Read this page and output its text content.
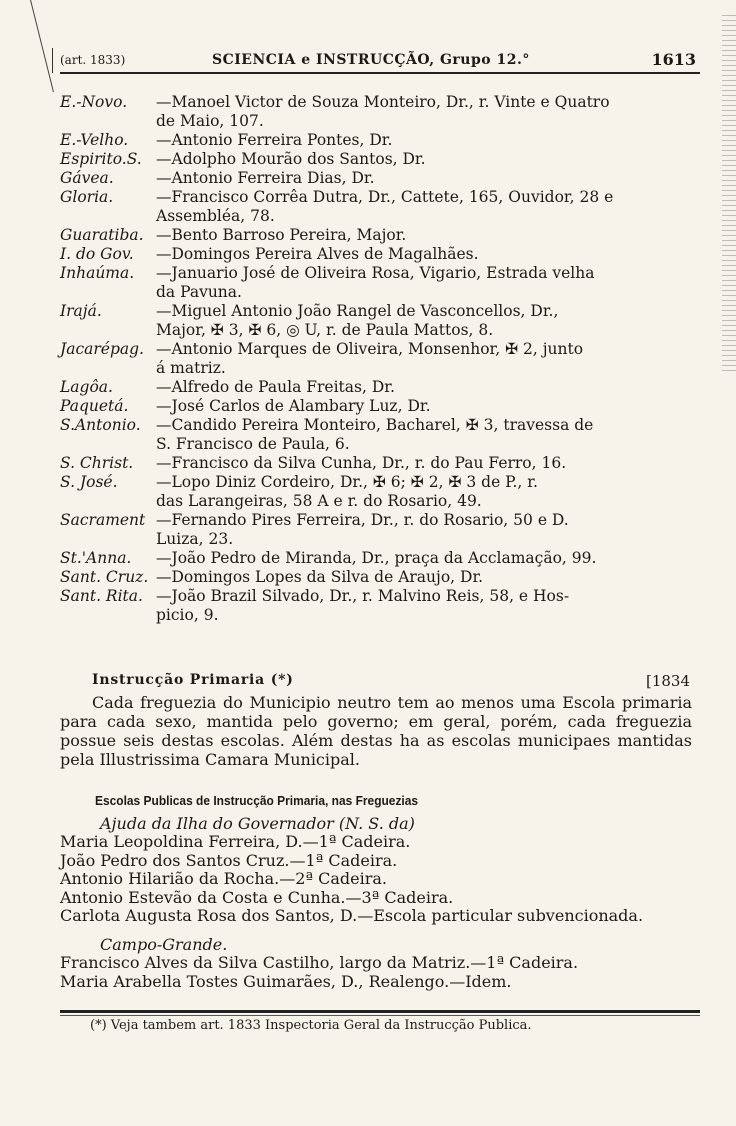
(art. 1833)	SCIENCIA e INSTRUCÇÃO, Grupo 12.°	1613
E.-Novo.	—Manoel Victor de Souza Monteiro, Dr., r. Vinte e Quatro
de Maio, 107.
E.-Velho.	—Antonio Ferreira Pontes, Dr.
Espirito.S. —Adolpho Mourão dos Santos, Dr.
Gávea.	—Antonio Ferreira Dias, Dr.
Gloria.	—Francisco Corrêa Dutra, Dr., Cattete, 165, Ouvidor, 28 e
Assembléa, 78.
Guaratiba. —Bento Barroso Pereira, Major.
I. do Gov.	—Domingos Pereira Alves de Magalhães.
Inhaúma.	—Januario José de Oliveira Rosa, Vigario, Estrada velha
da Pavuna.
Irajá.	—Miguel Antonio João Rangel de Vasconcellos, Dr.,
Major, ✠ 3, ✠ 6, ◎ U, r. de Paula Mattos, 8.
Jacarépag. —Antonio Marques de Oliveira, Monsenhor, ✠ 2, junto
á matriz.
Lagôa.	—Alfredo de Paula Freitas, Dr.
Paquetá.	—José Carlos de Alambary Luz, Dr.
S.Antonio. —Candido Pereira Monteiro, Bacharel, ✠ 3, travessa de
S. Francisco de Paula, 6.
S. Christ.	—Francisco da Silva Cunha, Dr., r. do Pau Ferro, 16.
S. José.	—Lopo Diniz Cordeiro, Dr., ✠ 6; ✠ 2, ✠ 3 de P., r.
das Larangeiras, 58 A e r. do Rosario, 49.
Sacrament —Fernando Pires Ferreira, Dr., r. do Rosario, 50 e D.
Luiza, 23.
St.'Anna.	—João Pedro de Miranda, Dr., praça da Acclamação, 99.
Sant. Cruz. —Domingos Lopes da Silva de Araujo, Dr.
Sant. Rita. —João Brazil Silvado, Dr., r. Malvino Reis, 58, e Hos-
picio, 9.
Instrucção Primaria (*)	[1834
Cada freguezia do Municipio neutro tem ao menos uma Escola primaria para cada sexo, mantida pelo governo; em geral, porém, cada freguezia possue seis destas escolas. Além destas ha as escolas municipaes mantidas pela Illustrissima Camara Municipal.
Escolas Publicas de Instrucção Primaria, nas Freguezias
Ajuda da Ilha do Governador (N. S. da)
Maria Leopoldina Ferreira, D.—1ª Cadeira.
João Pedro dos Santos Cruz.—1ª Cadeira.
Antonio Hilarião da Rocha.—2ª Cadeira.
Antonio Estevão da Costa e Cunha.—3ª Cadeira.
Carlota Augusta Rosa dos Santos, D.—Escola particular subvencionada.
Campo-Grande.
Francisco Alves da Silva Castilho, largo da Matriz.—1ª Cadeira.
Maria Arabella Tostes Guimarães, D., Realengo.—Idem.
(*) Veja tambem art. 1833 Inspectoria Geral da Instrucção Publica.
